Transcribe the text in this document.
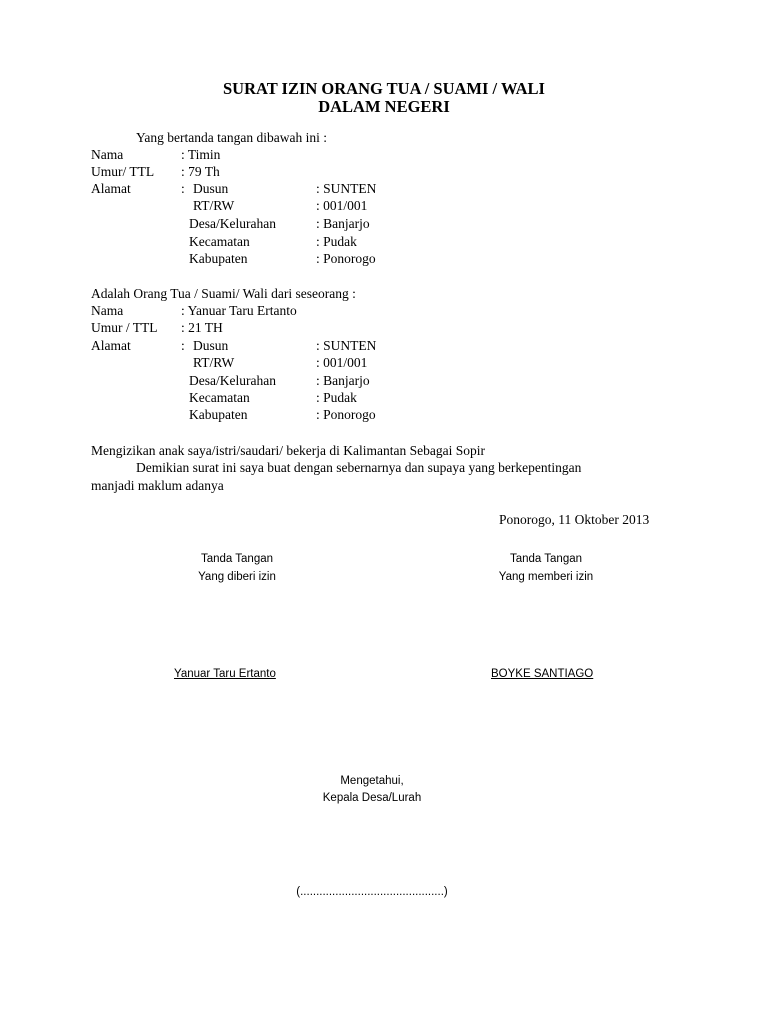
SURAT IZIN ORANG TUA / SUAMI / WALI
DALAM NEGERI
Yang bertanda tangan dibawah ini :
Nama	: Timin
Umur/ TTL : 79 Th
Alamat	: Dusun	: SUNTEN
RT/RW	: 001/001
Desa/Kelurahan	: Banjarjo
Kecamatan	: Pudak
Kabupaten	: Ponorogo
Adalah Orang Tua / Suami/ Wali dari seseorang :
Nama	: Yanuar Taru Ertanto
Umur / TTL : 21 TH
Alamat	: Dusun	: SUNTEN
RT/RW	: 001/001
Desa/Kelurahan	: Banjarjo
Kecamatan	: Pudak
Kabupaten	: Ponorogo
Mengizikan anak saya/istri/saudari/ bekerja di Kalimantan Sebagai Sopir
Demikian surat ini saya buat dengan sebernarnya dan supaya yang berkepentingan
manjadi maklum adanya
Ponorogo, 11 Oktober 2013
Tanda Tangan
Yang diberi izin
Yanuar Taru Ertanto
Tanda Tangan
Yang memberi izin
BOYKE SANTIAGO
Mengetahui,
Kepala Desa/Lurah
(.............................................)
